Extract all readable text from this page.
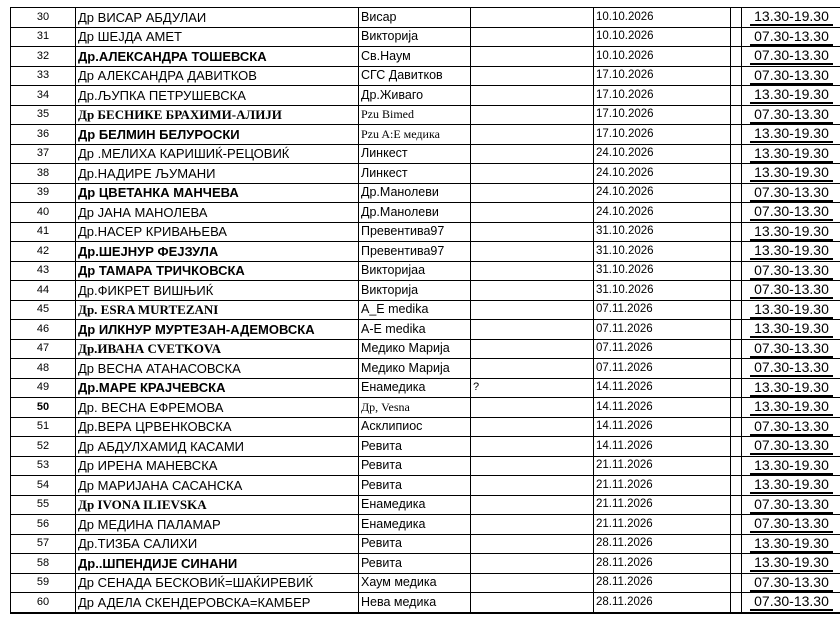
30	Др ВИСАР АБДУЛАИ	Висар		10.10.2026		13.30-19.30	
31	Др ШЕЈДА АМЕТ	Викторија		10.10.2026		07.30-13.30	
32	Др.АЛЕКСАНДРА ТОШЕВСКА	Св.Наум		10.10.2026		07.30-13.30	
33	Др АЛЕКСАНДРА ДАВИТКОВ	СГС Давитков		17.10.2026		07.30-13.30	
34	Др.ЉУПКА ПЕТРУШЕВСКА	Др.Живаго		17.10.2026		13.30-19.30	
35	Др БЕСНИКЕ БРАХИМИ-АЛИЈИ	Pzu Bimed		17.10.2026		07.30-13.30	
36	Др БЕЛМИН БЕЛУРОСКИ	Pzu A:E медика		17.10.2026		13.30-19.30	
37	Др .МЕЛИХА КАРИШИЌ-РЕЦОВИЌ	Линкест		24.10.2026		13.30-19.30	
38	Др.НАДИРЕ ЉУМАНИ	Линкест		24.10.2026		13.30-19.30	
39	Др ЦВЕТАНКА МАНЧЕВА	Др.Манолеви		24.10.2026		07.30-13.30	
40	Др ЈАНА МАНОЛЕВА	Др.Манолеви		24.10.2026		07.30-13.30	
41	Др.НАСЕР КРИВАЊЕВА	Превентива97		31.10.2026		13.30-19.30	
42	Др.ШЕЈНУР ФЕЈЗУЛА	Превентива97		31.10.2026		13.30-19.30	
43	Др ТАМАРА ТРИЧКОВСКА	Викторијаа		31.10.2026		07.30-13.30	
44	Др.ФИКРЕТ ВИШЊИЌ	Викторија		31.10.2026		07.30-13.30	
45	Др. ESRA MURTEZANI	A_E medika		07.11.2026		13.30-19.30	
46	Др ИЛКНУР МУРТЕЗАН-АДЕМОВСКА	А-Е medika		07.11.2026		13.30-19.30	
47	Др.ИВАНА CVETKOVA	Медико Марија		07.11.2026		07.30-13.30	
48	Др ВЕСНА АТАНАСОВСКА	Медико Марија		07.11.2026		07.30-13.30	
49	Др.МАРЕ КРАЈЧЕВСКА	Енамедика	?	14.11.2026		13.30-19.30	
50	Др. ВЕСНА ЕФРЕМОВА	Др, Vesna		14.11.2026		13.30-19.30	
51	Др.ВЕРА ЦРВЕНКОВСКА	Асклипиос		14.11.2026		07.30-13.30	
52	Др АБДУЛХАМИД КАСАМИ	Ревита		14.11.2026		07.30-13.30	
53	Др ИРЕНА МАНЕВСКА	Ревита		21.11.2026		13.30-19.30	
54	Др МАРИЈАНА САСАНСКА	Ревита		21.11.2026		13.30-19.30	
55	Др IVONA ILIEVSKA	Енамедика		21.11.2026		07.30-13.30	
56	Др МЕДИНА ПАЛАМАР	Енамедика		21.11.2026		07.30-13.30	
57	Др.ТИЗБА САЛИХИ	Ревита		28.11.2026		13.30-19.30	
58	Др..ШПЕНДИЈЕ СИНАНИ	Ревита		28.11.2026		13.30-19.30	
59	Др СЕНАДА БЕСКОВИЌ=ШАЌИРЕВИЌ	Хаум медика		28.11.2026		07.30-13.30	
60	Др АДЕЛА СКЕНДЕРОВСКА=КАМБЕР	Нева медика		28.11.2026		07.30-13.30	
